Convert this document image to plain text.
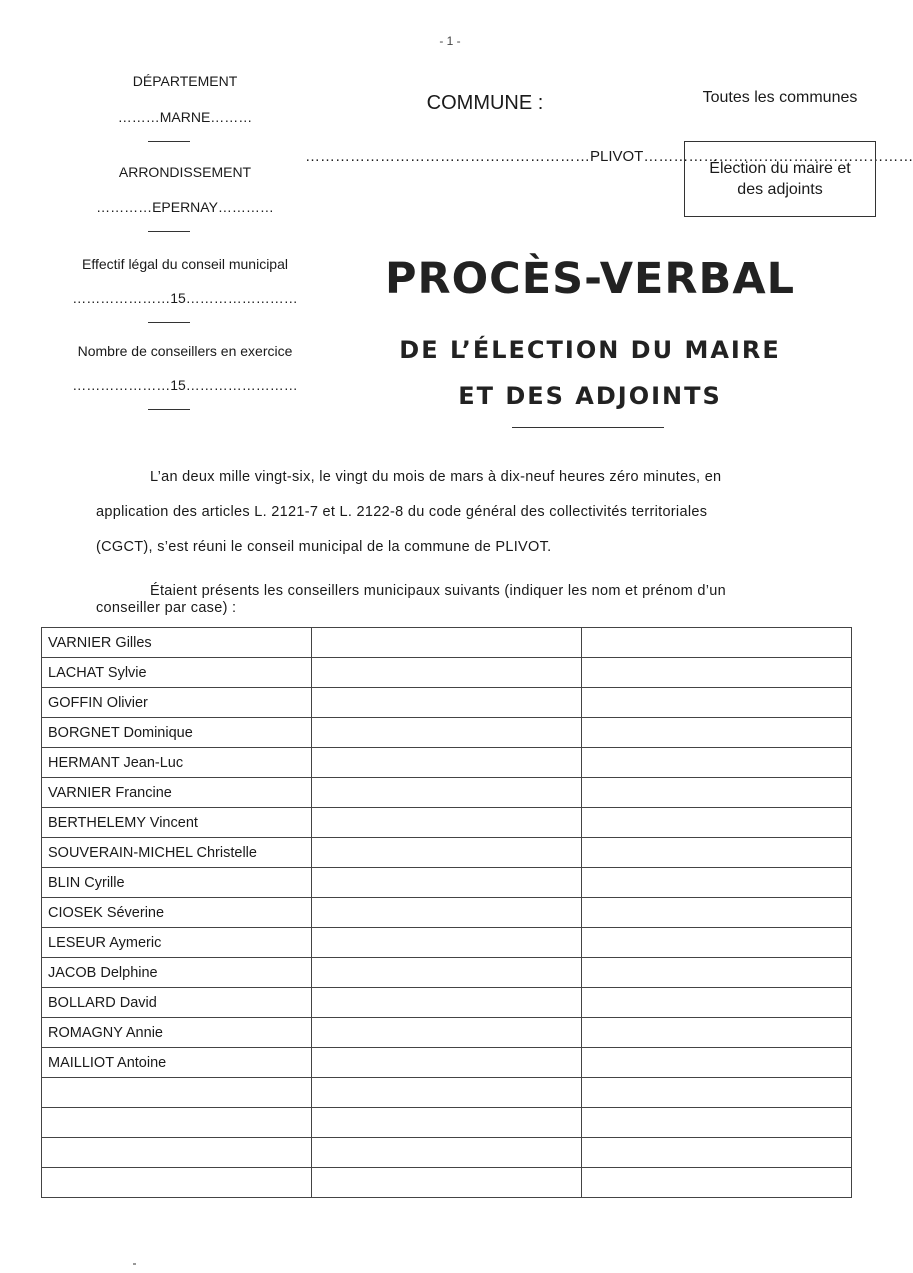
- 1 -
DÉPARTEMENT
………MARNE………
ARRONDISSEMENT
…………EPERNAY…………
Effectif légal du conseil municipal
…………………15……………………
Nombre de conseillers en exercice
…………………15……………………
COMMUNE :
…………………………………………………PLIVOT………………………………………………
Toutes les communes
Élection du maire et des adjoints
PROCÈS-VERBAL
DE L’ÉLECTION DU MAIRE
ET DES ADJOINTS
L’an deux mille vingt-six, le vingt du mois de mars à dix-neuf heures zéro minutes, en
application des articles L. 2121-7 et L. 2122-8 du code général des collectivités territoriales
(CGCT), s’est réuni le conseil municipal de la commune de PLIVOT.
Étaient présents les conseillers municipaux suivants (indiquer les nom et prénom d’un
conseiller par case) :
VARNIER Gilles		
LACHAT Sylvie		
GOFFIN Olivier		
BORGNET Dominique		
HERMANT Jean-Luc		
VARNIER Francine		
BERTHELEMY Vincent		
SOUVERAIN-MICHEL Christelle		
BLIN Cyrille		
CIOSEK Séverine		
LESEUR Aymeric		
JACOB Delphine		
BOLLARD David		
ROMAGNY Annie		
MAILLIOT Antoine		
